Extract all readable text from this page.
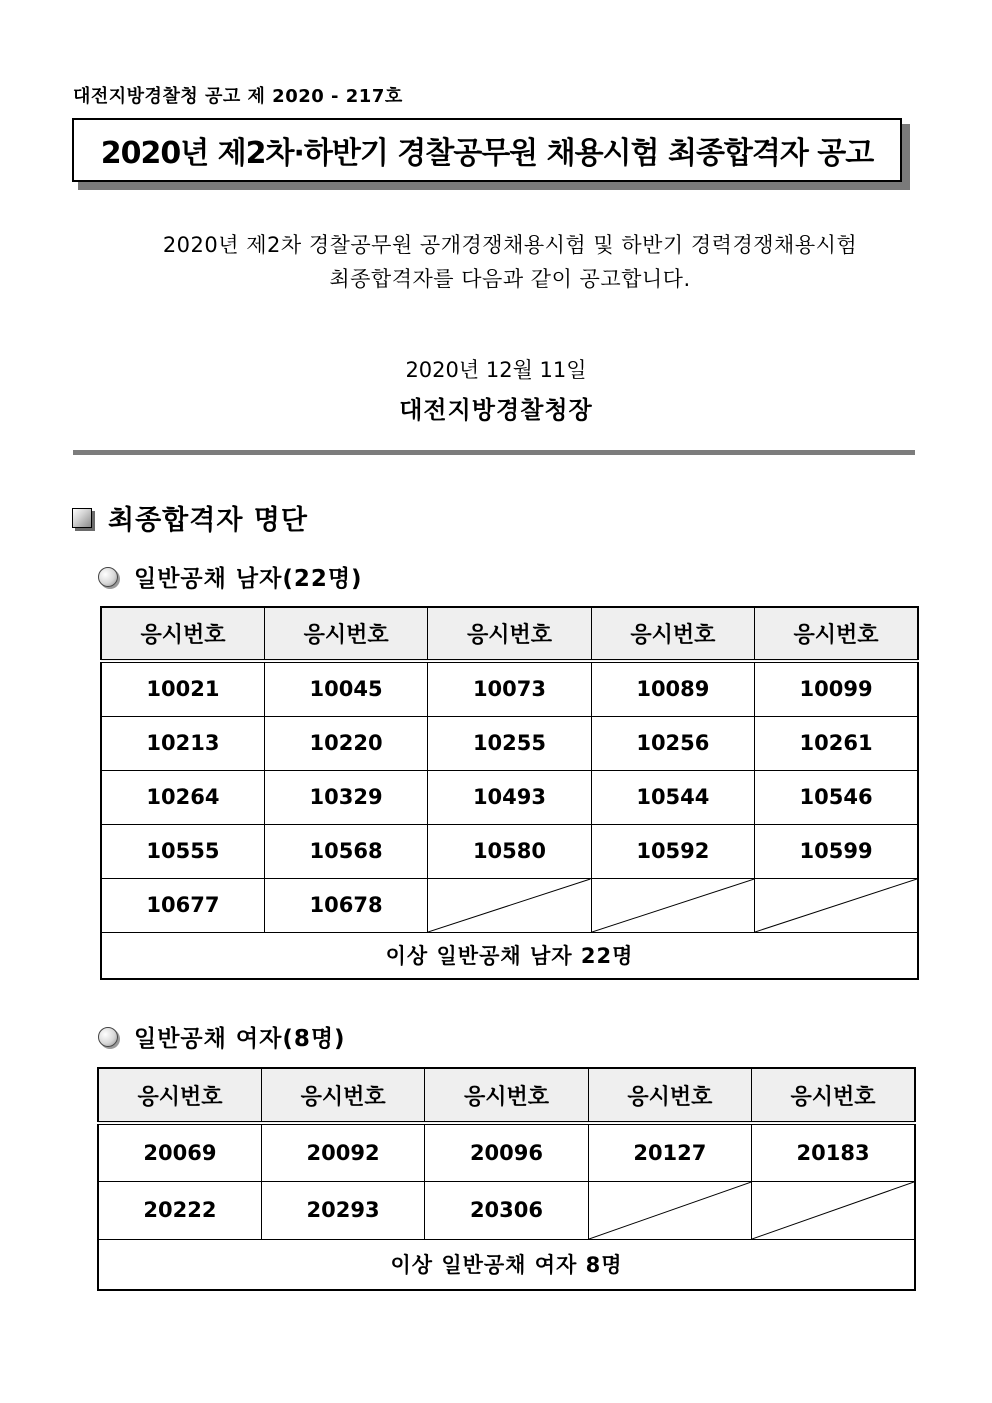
대전지방경찰청 공고 제 2020 - 217호
2020년 제2차·하반기 경찰공무원 채용시험 최종합격자 공고
2020년 제2차 경찰공무원 공개경쟁채용시험 및 하반기 경력경쟁채용시험
최종합격자를 다음과 같이 공고합니다.
2020년 12월 11일
대전지방경찰청장
최종합격자 명단
일반공채 남자(22명)
응시번호	응시번호	응시번호	응시번호	응시번호
10021	10045	10073	10089	10099
10213	10220	10255	10256	10261
10264	10329	10493	10544	10546
10555	10568	10580	10592	10599
10677	10678	

이상 일반공채 남자 22명				
일반공채 여자(8명)
응시번호	응시번호	응시번호	응시번호	응시번호
20069	20092	20096	20127	20183
20222	20293	20306	

이상 일반공채 여자 8명				
